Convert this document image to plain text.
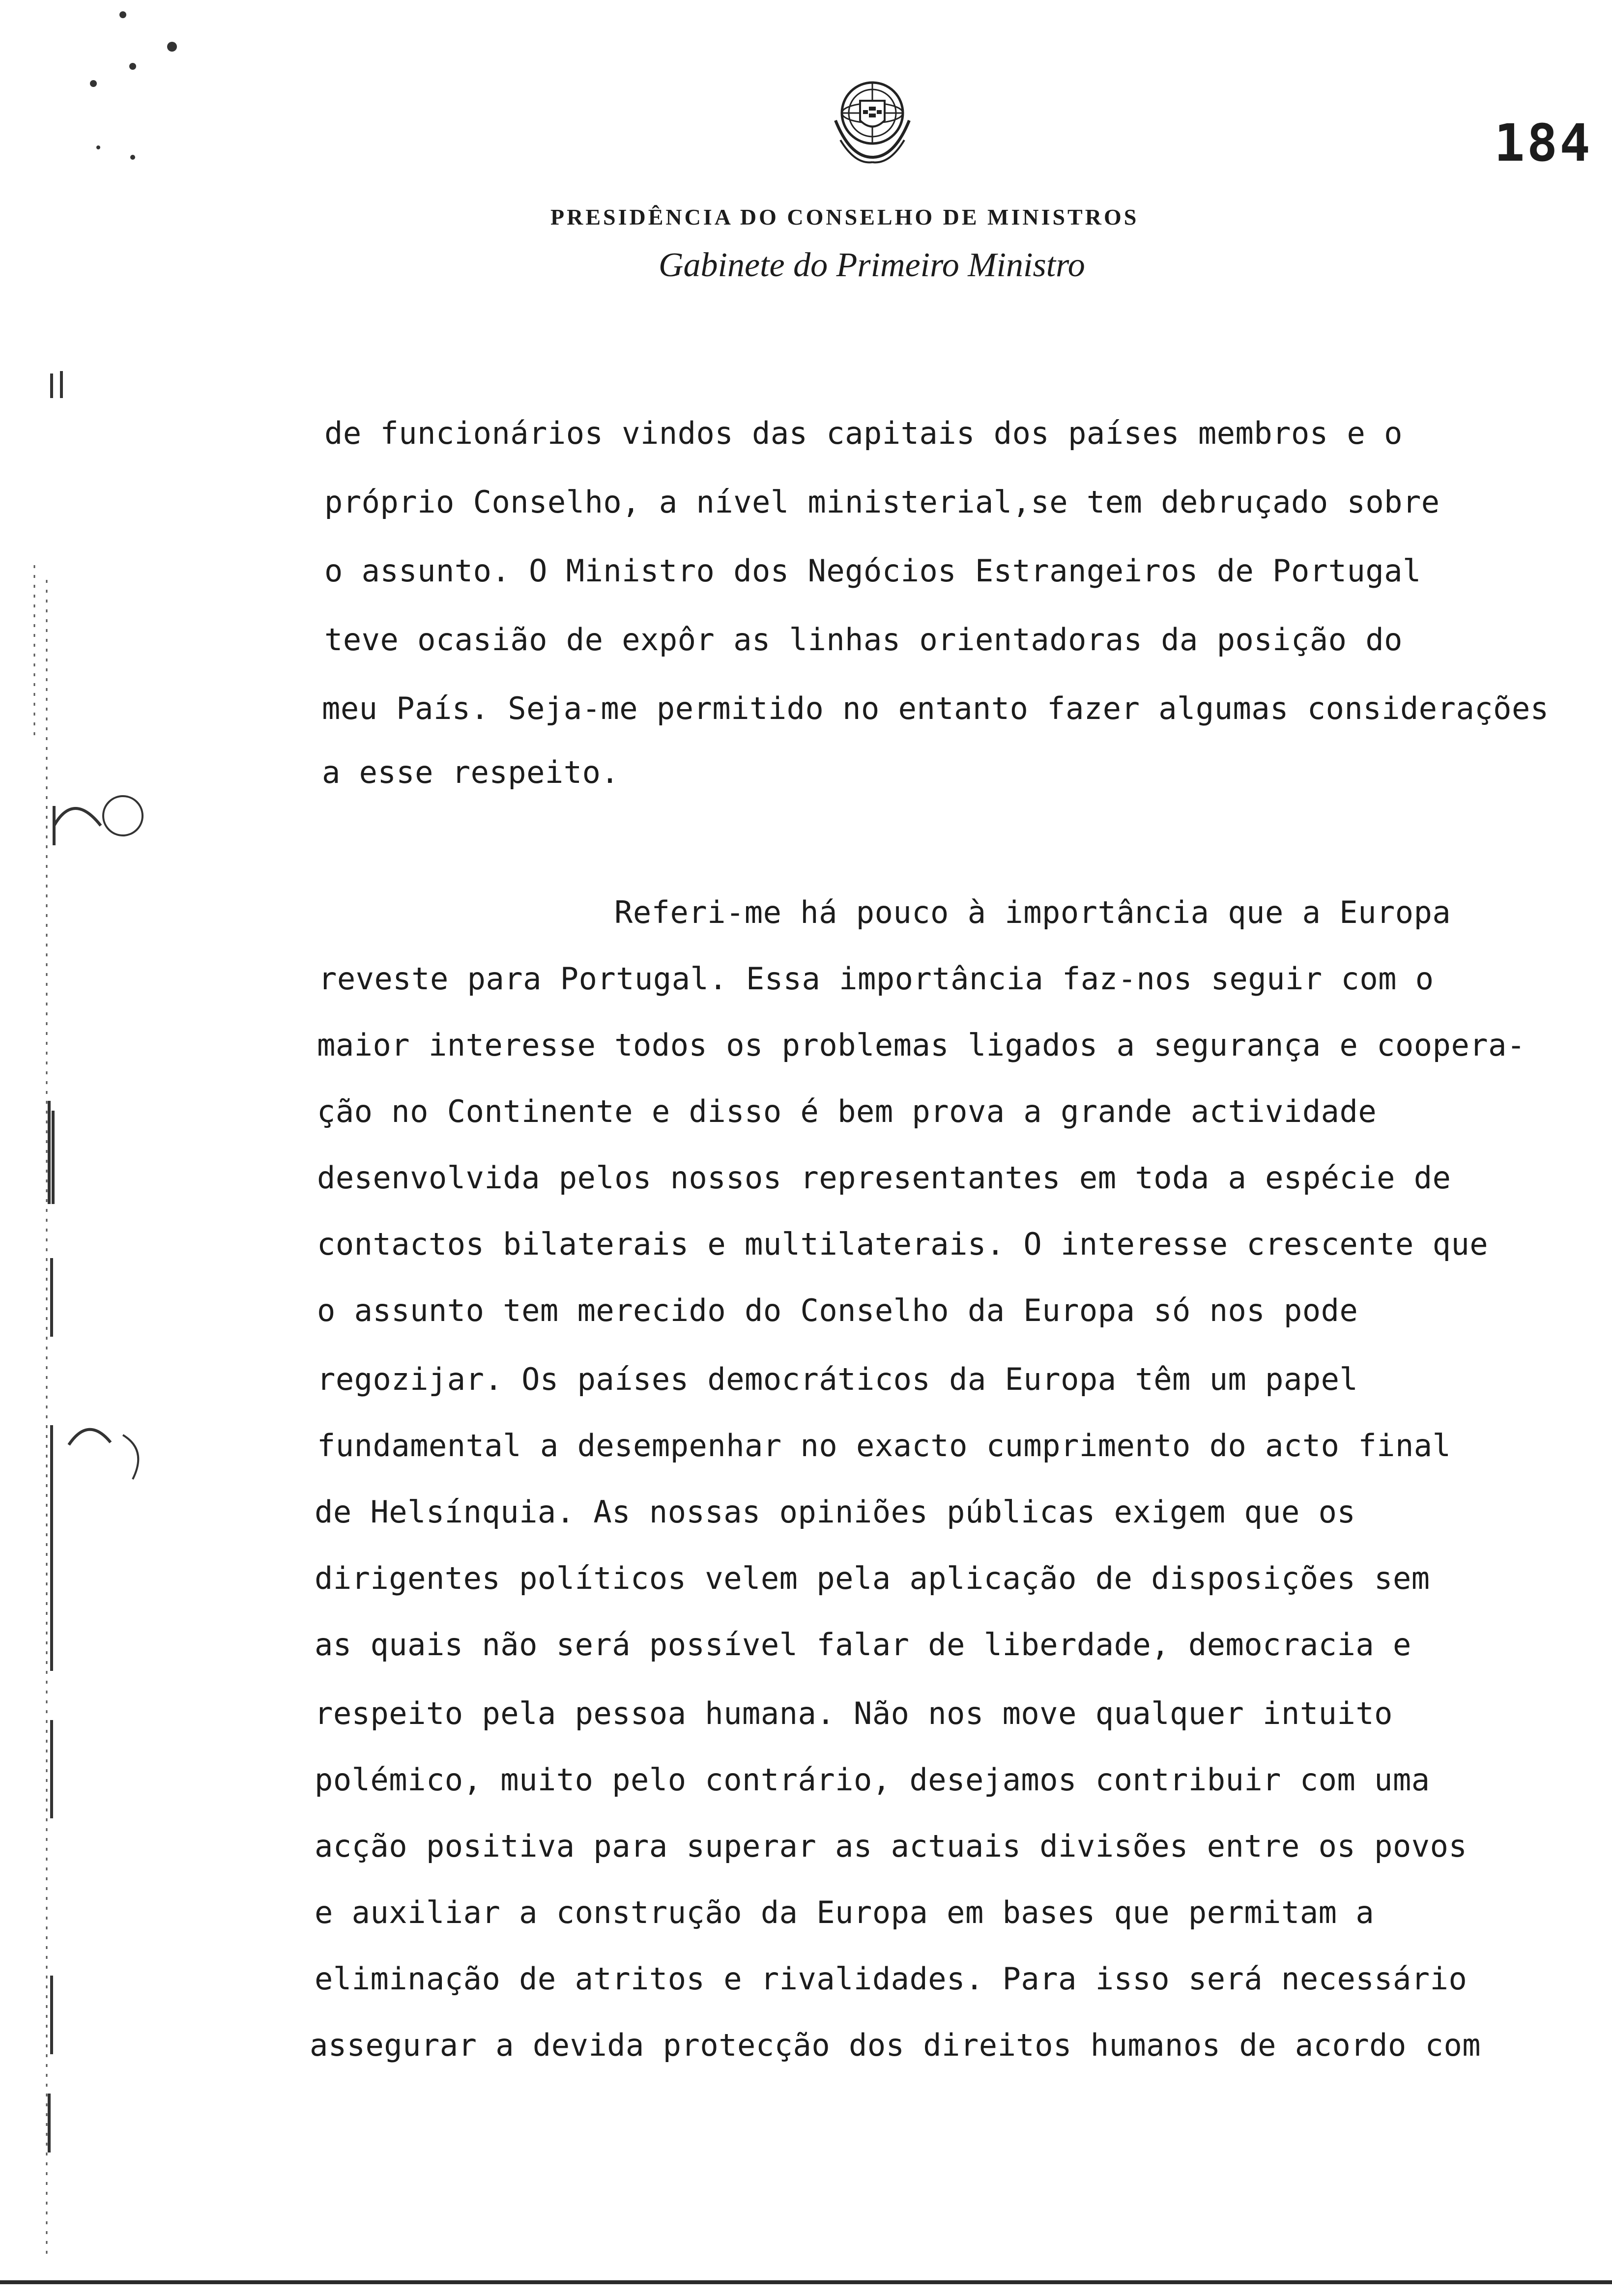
184
PRESIDÊNCIA DO CONSELHO DE MINISTROS
Gabinete do Primeiro Ministro
de funcionários vindos das capitais dos países membros e o
próprio Conselho, a nível ministerial,se tem debruçado sobre
o assunto. O Ministro dos Negócios Estrangeiros de Portugal
teve ocasião de expôr as linhas orientadoras da posição do
meu País. Seja-me permitido no entanto fazer algumas considerações
a esse respeito.
Referi-me há pouco à importância que a Europa
reveste para Portugal. Essa importância faz-nos seguir com o
maior interesse todos os problemas ligados a segurança e coopera-
ção no Continente e disso é bem prova a grande actividade
desenvolvida pelos nossos representantes em toda a espécie de
contactos bilaterais e multilaterais. O interesse crescente que
o assunto tem merecido do Conselho da Europa só nos pode
regozijar. Os países democráticos da Europa têm um papel
fundamental a desempenhar no exacto cumprimento do acto final
de Helsínquia. As nossas opiniões públicas exigem que os
dirigentes políticos velem pela aplicação de disposições sem
as quais não será possível falar de liberdade, democracia e
respeito pela pessoa humana. Não nos move qualquer intuito
polémico, muito pelo contrário, desejamos contribuir com uma
acção positiva para superar as actuais divisões entre os povos
e auxiliar a construção da Europa em bases que permitam a
eliminação de atritos e rivalidades. Para isso será necessário
assegurar a devida protecção dos direitos humanos de acordo com
